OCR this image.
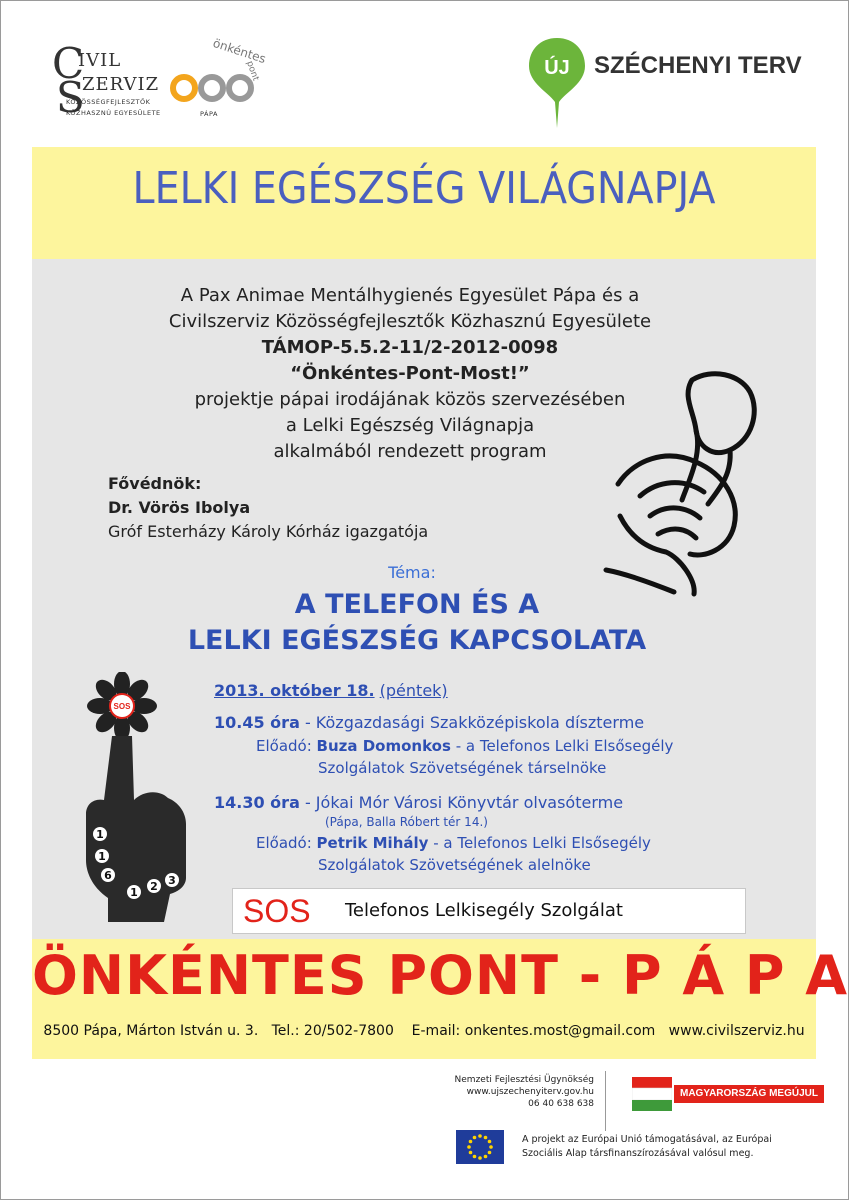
C
S
IVIL
ZERVIZ
KÖZÖSSÉGFEJLESZTŐK
KÖZHASZNÚ EGYESÜLETE
önkéntes
pont
PÁPA
ÚJ SZÉCHENYI TERV
LELKI EGÉSZSÉG VILÁGNAPJA
A Pax Animae Mentálhygienés Egyesület Pápa és a
Civilszerviz Közösségfejlesztők Közhasznú Egyesülete
TÁMOP-5.5.2-11/2-2012-0098
“Önkéntes-Pont-Most!”
projektje pápai irodájának közös szervezésében
a Lelki Egészség Világnapja
alkalmából rendezett program
Fővédnök:
Dr. Vörös Ibolya
Gróf Esterházy Károly Kórház igazgatója
Téma:
A TELEFON ÉS A
LELKI EGÉSZSÉG KAPCSOLATA
SOS
1
1
6
1 2 3
2013. október 18. (péntek)
10.45 óra - Közgazdasági Szakközépiskola díszterme
Előadó: Buza Domonkos - a Telefonos Lelki Elsősegély
Szolgálatok Szövetségének társelnöke
14.30 óra - Jókai Mór Városi Könyvtár olvasóterme
(Pápa, Balla Róbert tér 14.)
Előadó: Petrik Mihály - a Telefonos Lelki Elsősegély
Szolgálatok Szövetségének alelnöke
SOS Telefonos Lelkisegély Szolgálat
ÖNKÉNTES PONT - P Á P A
8500 Pápa, Márton István u. 3.   Tel.: 20/502-7800    E-mail: onkentes.most@gmail.com   www.civilszerviz.hu
Nemzeti Fejlesztési Ügynökség
www.ujszechenyiterv.gov.hu
06 40 638 638
MAGYARORSZÁG MEGÚJUL
A projekt az Európai Unió támogatásával, az Európai
Szociális Alap társfinanszírozásával valósul meg.
